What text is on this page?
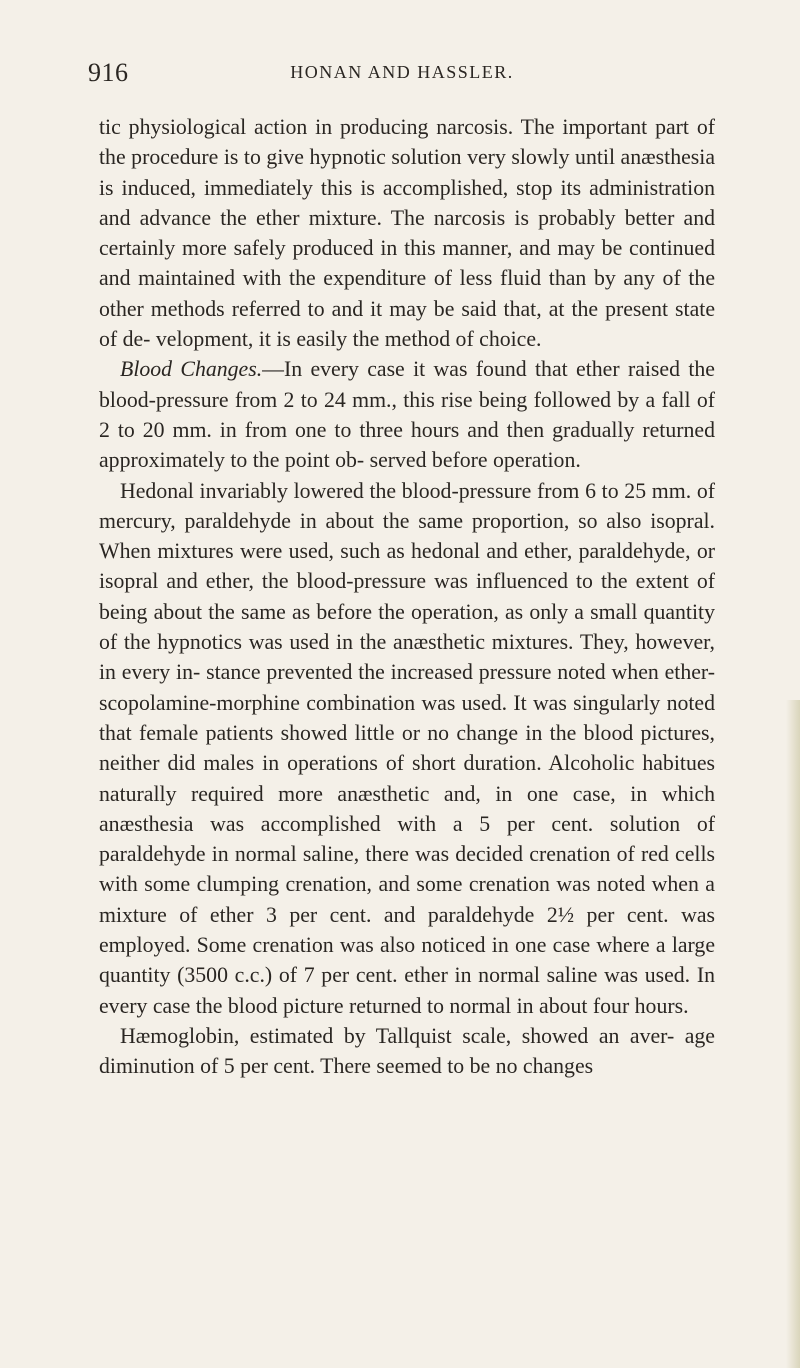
916	HONAN AND HASSLER.

tic physiological action in producing narcosis. The important part of the procedure is to give hypnotic solution very slowly until anæsthesia is induced, immediately this is accomplished, stop its administration and advance the ether mixture. The narcosis is probably better and certainly more safely produced in this manner, and may be continued and maintained with the expenditure of less fluid than by any of the other methods referred to and it may be said that, at the present state of de- velopment, it is easily the method of choice.

Blood Changes.—In every case it was found that ether raised the blood-pressure from 2 to 24 mm., this rise being followed by a fall of 2 to 20 mm. in from one to three hours and then gradually returned approximately to the point ob- served before operation.

Hedonal invariably lowered the blood-pressure from 6 to 25 mm. of mercury, paraldehyde in about the same proportion, so also isopral. When mixtures were used, such as hedonal and ether, paraldehyde, or isopral and ether, the blood-pressure was influenced to the extent of being about the same as before the operation, as only a small quantity of the hypnotics was used in the anæsthetic mixtures. They, however, in every in- stance prevented the increased pressure noted when ether- scopolamine-morphine combination was used. It was singularly noted that female patients showed little or no change in the blood pictures, neither did males in operations of short duration. Alcoholic habitues naturally required more anæsthetic and, in one case, in which anæsthesia was accomplished with a 5 per cent. solution of paraldehyde in normal saline, there was decided crenation of red cells with some clumping crenation, and some crenation was noted when a mixture of ether 3 per cent. and paraldehyde 2½ per cent. was employed. Some crenation was also noticed in one case where a large quantity (3500 c.c.) of 7 per cent. ether in normal saline was used. In every case the blood picture returned to normal in about four hours.

Hæmoglobin, estimated by Tallquist scale, showed an aver- age diminution of 5 per cent. There seemed to be no changes
